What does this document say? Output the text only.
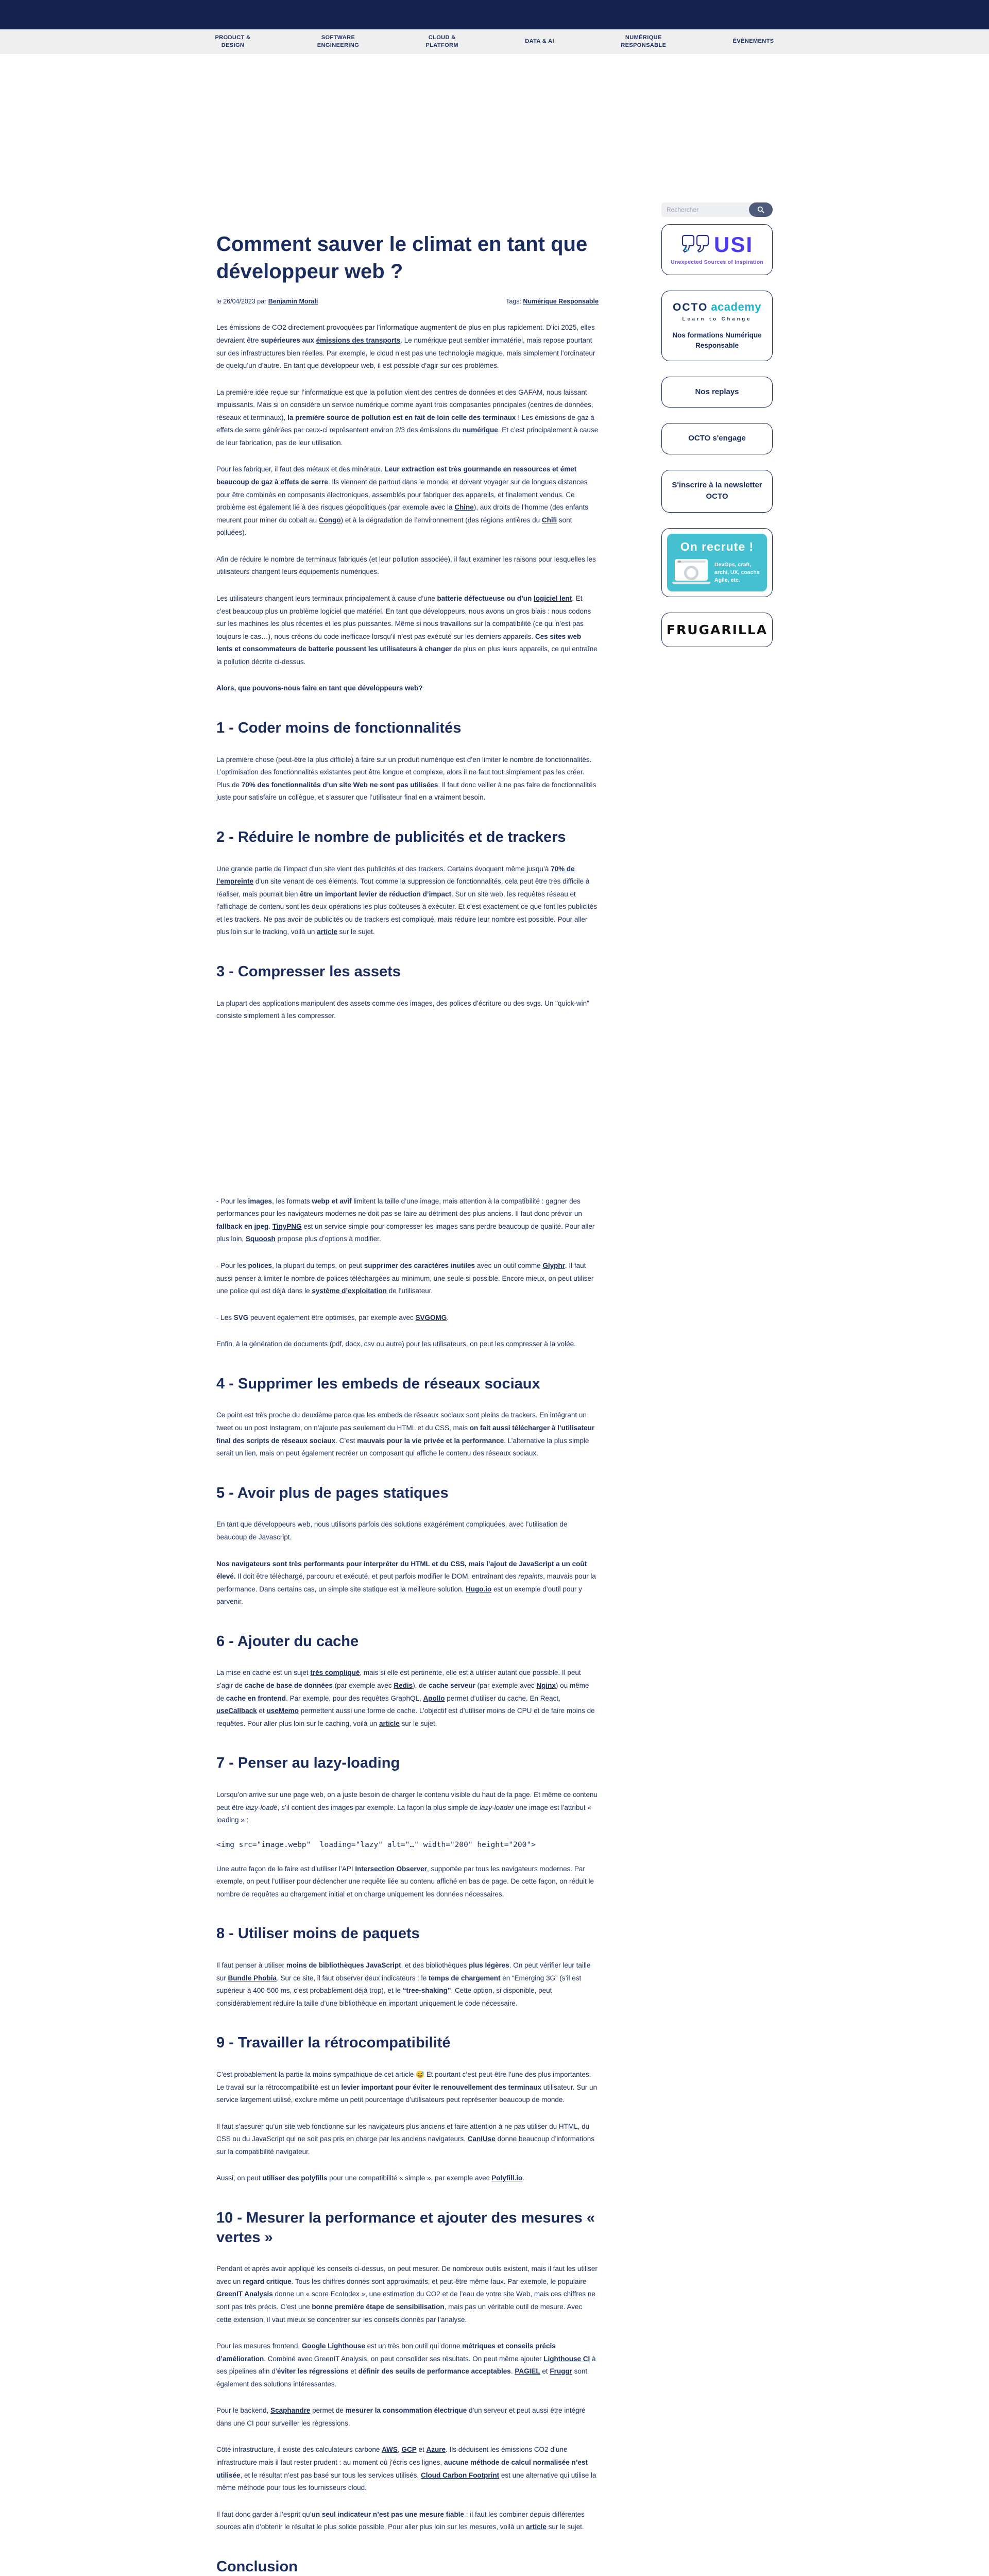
PRODUCT &
DESIGN
SOFTWARE
ENGINEERING
CLOUD &
PLATFORM
DATA & AI
NUMÉRIQUE
RESPONSABLE
ÉVÈNEMENTS
Comment sauver le climat en tant que développeur web ?
le 26/04/2023 par Benjamin Morali	Tags: Numérique Responsable

Les émissions de CO2 directement provoquées par l’informatique augmentent de plus en plus rapidement. D’ici 2025, elles devraient être supérieures aux émissions des transports. Le numérique peut sembler immatériel, mais repose pourtant sur des infrastructures bien réelles. Par exemple, le cloud n’est pas une technologie magique, mais simplement l’ordinateur de quelqu’un d’autre. En tant que développeur web, il est possible d’agir sur ces problèmes.

La première idée reçue sur l’informatique est que la pollution vient des centres de données et des GAFAM, nous laissant impuissants. Mais si on considère un service numérique comme ayant trois composantes principales (centres de données, réseaux et terminaux), la première source de pollution est en fait de loin celle des terminaux ! Les émissions de gaz à effets de serre générées par ceux-ci représentent environ 2/3 des émissions du numérique. Et c’est principalement à cause de leur fabrication, pas de leur utilisation.

Pour les fabriquer, il faut des métaux et des minéraux. Leur extraction est très gourmande en ressources et émet beaucoup de gaz à effets de serre. Ils viennent de partout dans le monde, et doivent voyager sur de longues distances pour être combinés en composants électroniques, assemblés pour fabriquer des appareils, et finalement vendus. Ce problème est également lié à des risques géopolitiques (par exemple avec la Chine), aux droits de l’homme (des enfants meurent pour miner du cobalt au Congo) et à la dégradation de l’environnement (des régions entières du Chili sont polluées).

Afin de réduire le nombre de terminaux fabriqués (et leur pollution associée), il faut examiner les raisons pour lesquelles les utilisateurs changent leurs équipements numériques.

Les utilisateurs changent leurs terminaux principalement à cause d’une batterie défectueuse ou d’un logiciel lent. Et c’est beaucoup plus un problème logiciel que matériel. En tant que développeurs, nous avons un gros biais : nous codons sur les machines les plus récentes et les plus puissantes. Même si nous travaillons sur la compatibilité (ce qui n’est pas toujours le cas…), nous créons du code inefficace lorsqu’il n’est pas exécuté sur les derniers appareils. Ces sites web lents et consommateurs de batterie poussent les utilisateurs à changer de plus en plus leurs appareils, ce qui entraîne la pollution décrite ci-dessus.

Alors, que pouvons-nous faire en tant que développeurs web?

1 - Coder moins de fonctionnalités

La première chose (peut-être la plus difficile) à faire sur un produit numérique est d’en limiter le nombre de fonctionnalités. L’optimisation des fonctionnalités existantes peut être longue et complexe, alors il ne faut tout simplement pas les créer. Plus de 70% des fonctionnalités d’un site Web ne sont pas utilisées. Il faut donc veiller à ne pas faire de fonctionnalités juste pour satisfaire un collègue, et s’assurer que l’utilisateur final en a vraiment besoin.

2 - Réduire le nombre de publicités et de trackers

Une grande partie de l’impact d’un site vient des publicités et des trackers. Certains évoquent même jusqu’à 70% de l’empreinte d’un site venant de ces éléments. Tout comme la suppression de fonctionnalités, cela peut être très difficile à réaliser, mais pourrait bien être un important levier de réduction d’impact. Sur un site web, les requêtes réseau et l’affichage de contenu sont les deux opérations les plus coûteuses à exécuter. Et c’est exactement ce que font les publicités et les trackers. Ne pas avoir de publicités ou de trackers est compliqué, mais réduire leur nombre est possible. Pour aller plus loin sur le tracking, voilà un article sur le sujet.

3 - Compresser les assets

La plupart des applications manipulent des assets comme des images, des polices d’écriture ou des svgs. Un "quick-win" consiste simplement à les compresser.

- Pour les images, les formats webp et avif limitent la taille d’une image, mais attention à la compatibilité : gagner des performances pour les navigateurs modernes ne doit pas se faire au détriment des plus anciens. Il faut donc prévoir un fallback en jpeg. TinyPNG est un service simple pour compresser les images sans perdre beaucoup de qualité. Pour aller plus loin, Squoosh propose plus d’options à modifier.

- Pour les polices, la plupart du temps, on peut supprimer des caractères inutiles avec un outil comme Glyphr. Il faut aussi penser à limiter le nombre de polices téléchargées au minimum, une seule si possible. Encore mieux, on peut utiliser une police qui est déjà dans le système d’exploitation de l’utilisateur.

- Les SVG peuvent également être optimisés, par exemple avec SVGOMG.

Enfin, à la génération de documents (pdf, docx, csv ou autre) pour les utilisateurs, on peut les compresser à la volée.

4 - Supprimer les embeds de réseaux sociaux

Ce point est très proche du deuxième parce que les embeds de réseaux sociaux sont pleins de trackers. En intégrant un tweet ou un post Instagram, on n’ajoute pas seulement du HTML et du CSS, mais on fait aussi télécharger à l’utilisateur final des scripts de réseaux sociaux. C’est mauvais pour la vie privée et la performance. L’alternative la plus simple serait un lien, mais on peut également recréer un composant qui affiche le contenu des réseaux sociaux.

5 - Avoir plus de pages statiques

En tant que développeurs web, nous utilisons parfois des solutions exagérément compliquées, avec l’utilisation de beaucoup de Javascript.

Nos navigateurs sont très performants pour interpréter du HTML et du CSS, mais l’ajout de JavaScript a un coût élevé. Il doit être téléchargé, parcouru et exécuté, et peut parfois modifier le DOM, entraînant des repaints, mauvais pour la performance. Dans certains cas, un simple site statique est la meilleure solution. Hugo.io est un exemple d’outil pour y parvenir.

6 - Ajouter du cache

La mise en cache est un sujet très compliqué, mais si elle est pertinente, elle est à utiliser autant que possible. Il peut s’agir de cache de base de données (par exemple avec Redis), de cache serveur (par exemple avec Nginx) ou même de cache en frontend. Par exemple, pour des requêtes GraphQL, Apollo permet d’utiliser du cache. En React, useCallback et useMemo permettent aussi une forme de cache. L’objectif est d’utiliser moins de CPU et de faire moins de requêtes. Pour aller plus loin sur le caching, voilà un article sur le sujet.

7 - Penser au lazy-loading

Lorsqu’on arrive sur une page web, on a juste besoin de charger le contenu visible du haut de la page. Et même ce contenu peut être lazy-loadé, s’il contient des images par exemple. La façon la plus simple de lazy-loader une image est l’attribut « loading » :

<img src="image.webp"  loading="lazy" alt="…" width="200" height="200">

Une autre façon de le faire est d’utiliser l’API Intersection Observer, supportée par tous les navigateurs modernes. Par exemple, on peut l’utiliser pour déclencher une requête liée au contenu affiché en bas de page. De cette façon, on réduit le nombre de requêtes au chargement initial et on charge uniquement les données nécessaires.

8 - Utiliser moins de paquets

Il faut penser à utiliser moins de bibliothèques JavaScript, et des bibliothèques plus légères. On peut vérifier leur taille sur Bundle Phobia. Sur ce site, il faut observer deux indicateurs : le temps de chargement en “Emerging 3G” (s’il est supérieur à 400-500 ms, c’est probablement déjà trop), et le “tree-shaking”. Cette option, si disponible, peut considérablement réduire la taille d’une bibliothèque en important uniquement le code nécessaire.

9 - Travailler la rétrocompatibilité

C’est probablement la partie la moins sympathique de cet article 😅 Et pourtant c’est peut-être l’une des plus importantes. Le travail sur la rétrocompatibilité est un levier important pour éviter le renouvellement des terminaux utilisateur. Sur un service largement utilisé, exclure même un petit pourcentage d’utilisateurs peut représenter beaucoup de monde.

Il faut s’assurer qu’un site web fonctionne sur les navigateurs plus anciens et faire attention à ne pas utiliser du HTML, du CSS ou du JavaScript qui ne soit pas pris en charge par les anciens navigateurs. CanIUse donne beaucoup d’informations sur la compatibilité navigateur.

Aussi, on peut utiliser des polyfills pour une compatibilité « simple », par exemple avec Polyfill.io.

10 - Mesurer la performance et ajouter des mesures « vertes »

Pendant et après avoir appliqué les conseils ci-dessus, on peut mesurer. De nombreux outils existent, mais il faut les utiliser avec un regard critique. Tous les chiffres donnés sont approximatifs, et peut-être même faux. Par exemple, le populaire GreenIT Analysis donne un « score EcoIndex », une estimation du CO2 et de l’eau de votre site Web, mais ces chiffres ne sont pas très précis. C’est une bonne première étape de sensibilisation, mais pas un véritable outil de mesure. Avec cette extension, il vaut mieux se concentrer sur les conseils donnés par l’analyse.

Pour les mesures frontend, Google Lighthouse est un très bon outil qui donne métriques et conseils précis d’amélioration. Combiné avec GreenIT Analysis, on peut consolider ses résultats. On peut même ajouter Lighthouse CI à ses pipelines afin d’éviter les régressions et définir des seuils de performance acceptables. PAGIEL et Fruggr sont également des solutions intéressantes.

Pour le backend, Scaphandre permet de mesurer la consommation électrique d’un serveur et peut aussi être intégré dans une CI pour surveiller les régressions.

Côté infrastructure, il existe des calculateurs carbone AWS, GCP et Azure. Ils déduisent les émissions CO2 d’une infrastructure mais il faut rester prudent : au moment où j’écris ces lignes, aucune méthode de calcul normalisée n’est utilisée, et le résultat n’est pas basé sur tous les services utilisés. Cloud Carbon Footprint est une alternative qui utilise la même méthode pour tous les fournisseurs cloud.

Il faut donc garder à l’esprit qu’un seul indicateur n’est pas une mesure fiable : il faut les combiner depuis différentes sources afin d’obtenir le résultat le plus solide possible. Pour aller plus loin sur les mesures, voilà un article sur le sujet.

Conclusion

Rechercher
USI
Unexpected Sources of Inspiration
OCTO academy
Learn to Change
Nos formations Numérique Responsable
Nos replays
OCTO s'engage
S'inscrire à la newsletter OCTO
On recrute !
DevOps, craft, archi, UX, coachs Agile, etc.
FRUGARILLA
